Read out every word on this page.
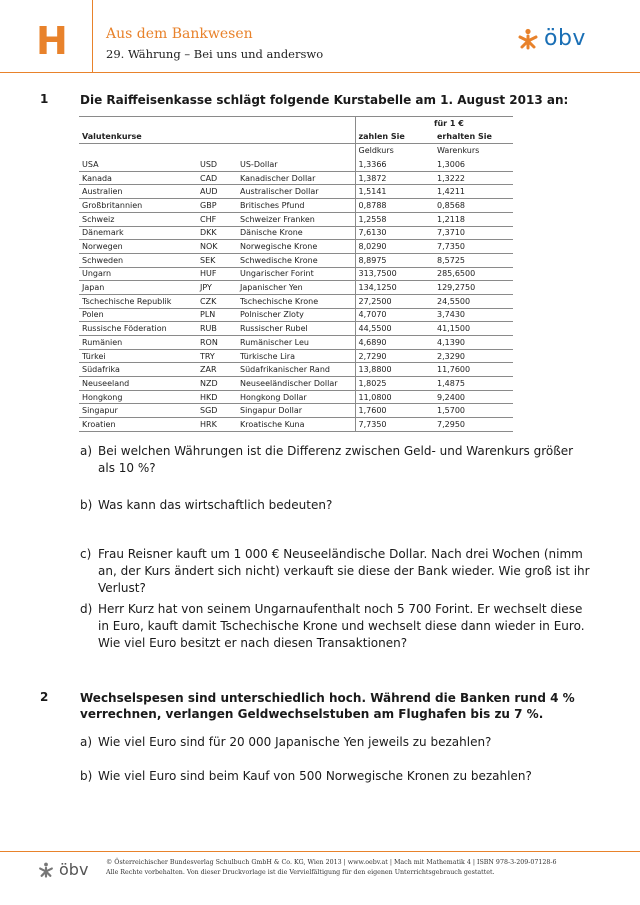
H	Aus dem Bankwesen
29. Währung – Bei uns und anderswo
öbv
1	Die Raiffeisenkasse schlägt folgende Kurstabelle am 1. August 2013 an:
				für 1 €
Valutenkurse			zahlen Sie	erhalten Sie
			Geldkurs	Warenkurs
USA	USD	US-Dollar	1,3366	1,3006
Kanada	CAD	Kanadischer Dollar	1,3872	1,3222
Australien	AUD	Australischer Dollar	1,5141	1,4211
Großbritannien	GBP	Britisches Pfund	0,8788	0,8568
Schweiz	CHF	Schweizer Franken	1,2558	1,2118
Dänemark	DKK	Dänische Krone	7,6130	7,3710
Norwegen	NOK	Norwegische Krone	8,0290	7,7350
Schweden	SEK	Schwedische Krone	8,8975	8,5725
Ungarn	HUF	Ungarischer Forint	313,7500	285,6500
Japan	JPY	Japanischer Yen	134,1250	129,2750
Tschechische Republik	CZK	Tschechische Krone	27,2500	24,5500
Polen	PLN	Polnischer Zloty	4,7070	3,7430
Russische Föderation	RUB	Russischer Rubel	44,5500	41,1500
Rumänien	RON	Rumänischer Leu	4,6890	4,1390
Türkei	TRY	Türkische Lira	2,7290	2,3290
Südafrika	ZAR	Südafrikanischer Rand	13,8800	11,7600
Neuseeland	NZD	Neuseeländischer Dollar	1,8025	1,4875
Hongkong	HKD	Hongkong Dollar	11,0800	9,2400
Singapur	SGD	Singapur Dollar	1,7600	1,5700
Kroatien	HRK	Kroatische Kuna	7,7350	7,2950
a) Bei welchen Währungen ist die Differenz zwischen Geld- und Warenkurs größer als 10 %?
b) Was kann das wirtschaftlich bedeuten?
c) Frau Reisner kauft um 1 000 € Neuseeländische Dollar. Nach drei Wochen (nimm an, der Kurs ändert sich nicht) verkauft sie diese der Bank wieder. Wie groß ist ihr Verlust?
d) Herr Kurz hat von seinem Ungarnaufenthalt noch 5 700 Forint. Er wechselt diese in Euro, kauft damit Tschechische Krone und wechselt diese dann wieder in Euro. Wie viel Euro besitzt er nach diesen Transaktionen?
2	Wechselspesen sind unterschiedlich hoch. Während die Banken rund 4 % verrechnen, verlangen Geldwechselstuben am Flughafen bis zu 7 %.
a) Wie viel Euro sind für 20 000 Japanische Yen jeweils zu bezahlen?
b) Wie viel Euro sind beim Kauf von 500 Norwegische Kronen zu bezahlen?
öbv	© Österreichischer Bundesverlag Schulbuch GmbH & Co. KG, Wien 2013 | www.oebv.at | Mach mit Mathematik 4 | ISBN 978-3-209-07128-6
Alle Rechte vorbehalten. Von dieser Druckvorlage ist die Vervielfältigung für den eigenen Unterrichtsgebrauch gestattet.
